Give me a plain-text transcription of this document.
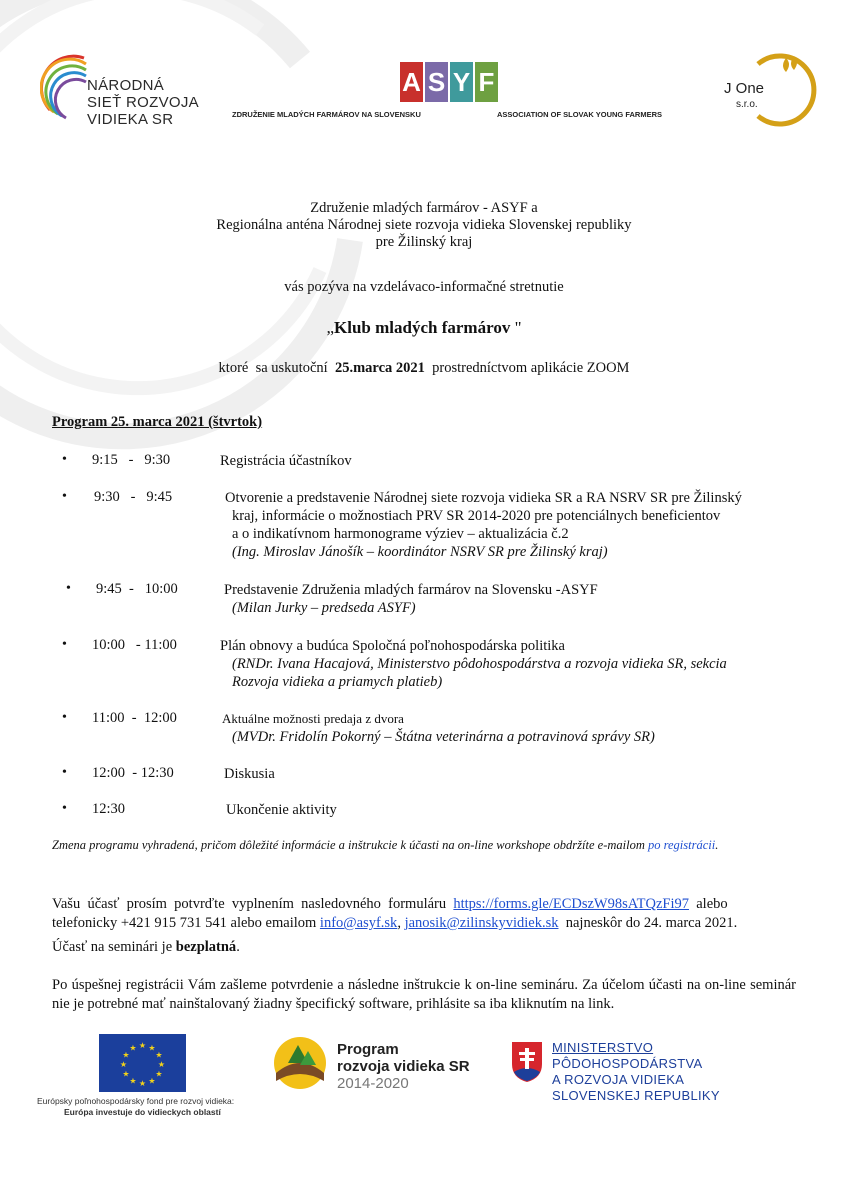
NÁRODNÁ
SIEŤ ROZVOJA
VIDIEKA SR
A S Y F
ZDRUŽENIE MLADÝCH FARMÁROV NA SLOVENSKU	ASSOCIATION OF SLOVAK YOUNG FARMERS
J One
s.r.o.
Združenie mladých farmárov - ASYF a
Regionálna anténa Národnej siete rozvoja vidieka Slovenskej republiky
pre Žilinský kraj
vás pozýva na vzdelávaco-informačné stretnutie
„Klub mladých farmárov "
ktoré  sa uskutoční  25.marca 2021  prostredníctvom aplikácie ZOOM
Program 25. marca 2021 (štvrtok)
• 9:15   -   9:30	Registrácia účastníkov
• 9:30   -   9:45	Otvorenie a predstavenie Národnej siete rozvoja vidieka SR a RA NSRV SR pre Žilinský
kraj, informácie o možnostiach PRV SR 2014-2020 pre potenciálnych beneficientov
a o indikatívnom harmonograme výziev – aktualizácia č.2
(Ing. Miroslav Jánošík – koordinátor NSRV SR pre Žilinský kraj)
• 9:45  -   10:00	Predstavenie Združenia mladých farmárov na Slovensku -ASYF
(Milan Jurky – predseda ASYF)
• 10:00   - 11:00	Plán obnovy a budúca Spoločná poľnohospodárska politika
(RNDr. Ivana Hacajová, Ministerstvo pôdohospodárstva a rozvoja vidieka SR, sekcia
Rozvoja vidieka a priamych platieb)
• 11:00  -  12:00	Aktuálne možnosti predaja z dvora
(MVDr. Fridolín Pokorný – Štátna veterinárna a potravinová správy SR)
• 12:00  - 12:30	Diskusia
• 12:30	Ukončenie aktivity
Zmena programu vyhradená, pričom dôležité informácie a inštrukcie k účasti na on-line workshope obdržíte e-mailom po registrácii.
Vašu  účasť  prosím  potvrďte  vyplnením  nasledovného  formuláru  https://forms.gle/ECDszW98sATQzFi97  alebo
telefonicky +421 915 731 541 alebo emailom info@asyf.sk, janosik@zilinskyvidiek.sk  najneskôr do 24. marca 2021.
Účasť na seminári je bezplatná.
Po úspešnej registrácii Vám zašleme potvrdenie a následne inštrukcie k on-line semináru. Za účelom účasti na on-line seminár nie je potrebné mať nainštalovaný žiadny špecifický software, prihlásite sa iba kliknutím na link.
★ ★
★
★
★
★
★
★
★
★
★
★
Európsky poľnohospodársky fond pre rozvoj vidieka:
Európa investuje do vidieckych oblastí
Program
rozvoja vidieka SR
2014-2020
MINISTERSTVO
PÔDOHOSPODÁRSTVA
A ROZVOJA VIDIEKA
SLOVENSKEJ REPUBLIKY
